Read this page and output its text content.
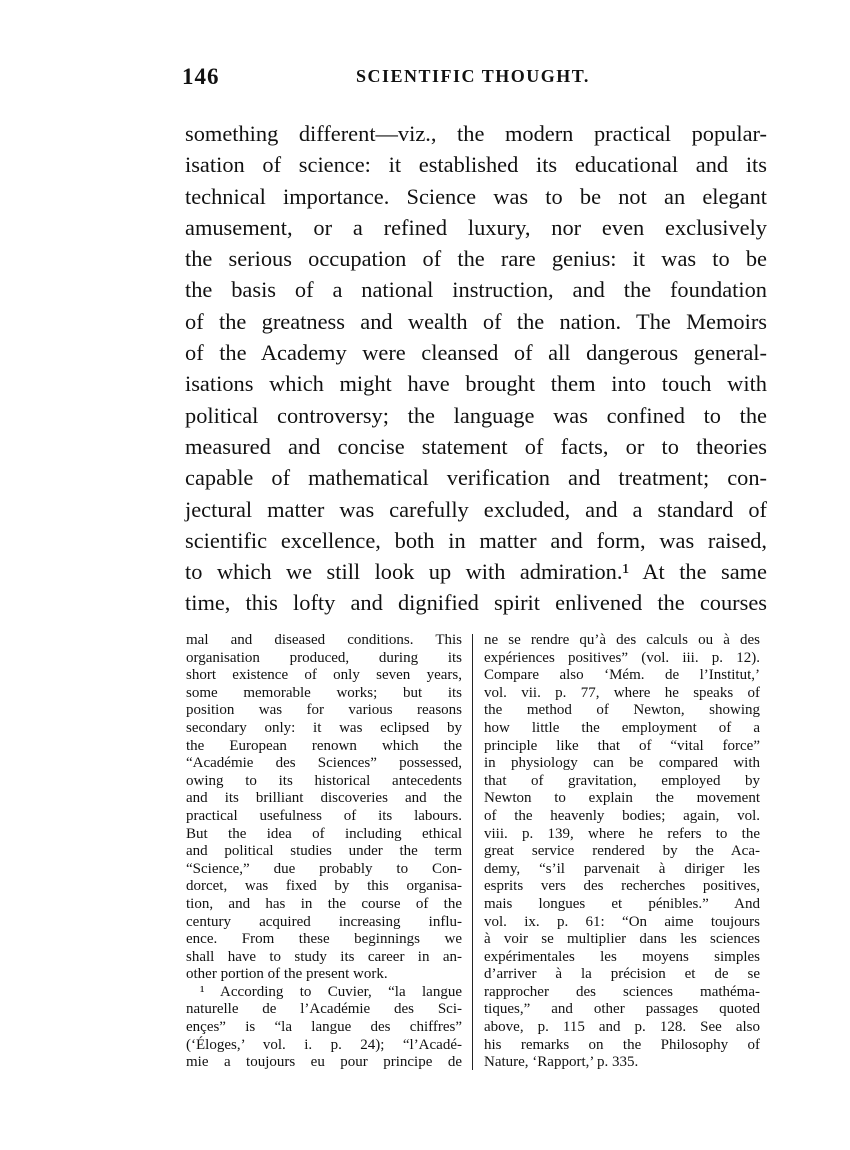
146	SCIENTIFIC THOUGHT.
something different—viz., the modern practical popular-
isation of science: it established its educational and its
technical importance. Science was to be not an elegant
amusement, or a refined luxury, nor even exclusively
the serious occupation of the rare genius: it was to be
the basis of a national instruction, and the foundation
of the greatness and wealth of the nation. The Memoirs
of the Academy were cleansed of all dangerous general-
isations which might have brought them into touch with
political controversy; the language was confined to the
measured and concise statement of facts, or to theories
capable of mathematical verification and treatment; con-
jectural matter was carefully excluded, and a standard of
scientific excellence, both in matter and form, was raised,
to which we still look up with admiration.¹ At the same
time, this lofty and dignified spirit enlivened the courses
mal and diseased conditions. This
organisation produced, during its
short existence of only seven years,
some memorable works; but its
position was for various reasons
secondary only: it was eclipsed by
the European renown which the
“Académie des Sciences” possessed,
owing to its historical antecedents
and its brilliant discoveries and the
practical usefulness of its labours.
But the idea of including ethical
and political studies under the term
“Science,” due probably to Con-
dorcet, was fixed by this organisa-
tion, and has in the course of the
century acquired increasing influ-
ence. From these beginnings we
shall have to study its career in an-
other portion of the present work.
¹ According to Cuvier, “la langue
naturelle de l’Académie des Sci-
ençes” is “la langue des chiffres”
(‘Éloges,’ vol. i. p. 24); “l’Acadé-
mie a toujours eu pour principe de
ne se rendre qu’à des calculs ou à des
expériences positives” (vol. iii. p. 12).
Compare also ‘Mém. de l’Institut,’
vol. vii. p. 77, where he speaks of
the method of Newton, showing
how little the employment of a
principle like that of “vital force”
in physiology can be compared with
that of gravitation, employed by
Newton to explain the movement
of the heavenly bodies; again, vol.
viii. p. 139, where he refers to the
great service rendered by the Aca-
demy, “s’il parvenait à diriger les
esprits vers des recherches positives,
mais longues et pénibles.” And
vol. ix. p. 61: “On aime toujours
à voir se multiplier dans les sciences
expérimentales les moyens simples
d’arriver à la précision et de se
rapprocher des sciences mathéma-
tiques,” and other passages quoted
above, p. 115 and p. 128. See also
his remarks on the Philosophy of
Nature, ‘Rapport,’ p. 335.
